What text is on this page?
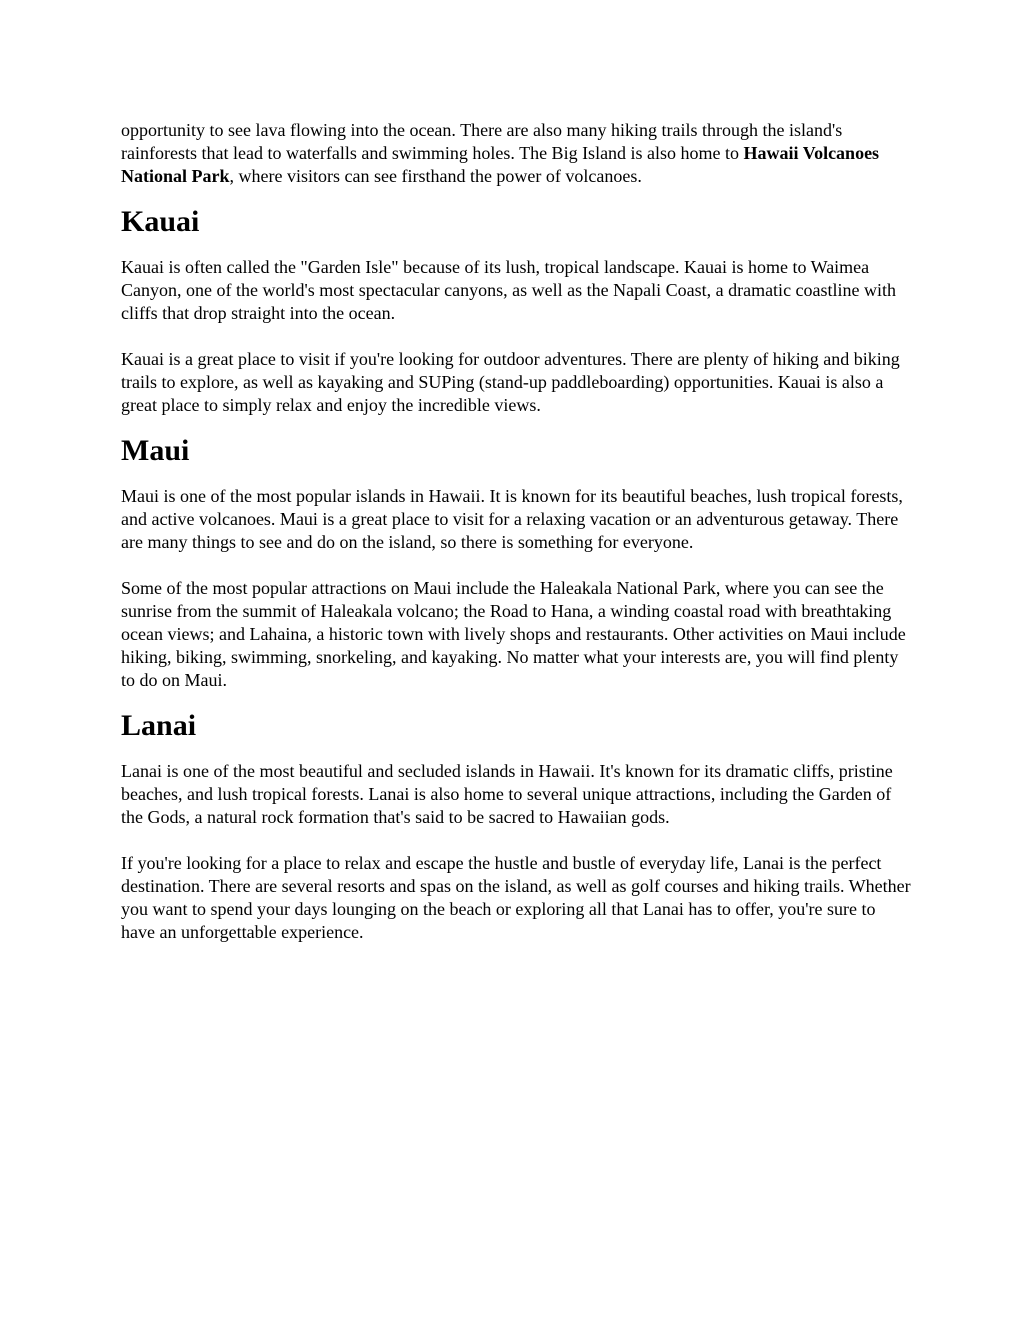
opportunity to see lava flowing into the ocean. There are also many hiking trails through the island's rainforests that lead to waterfalls and swimming holes. The Big Island is also home to Hawaii Volcanoes National Park, where visitors can see firsthand the power of volcanoes.

Kauai

Kauai is often called the "Garden Isle" because of its lush, tropical landscape. Kauai is home to Waimea Canyon, one of the world's most spectacular canyons, as well as the Napali Coast, a dramatic coastline with cliffs that drop straight into the ocean.

Kauai is a great place to visit if you're looking for outdoor adventures. There are plenty of hiking and biking trails to explore, as well as kayaking and SUPing (stand-up paddleboarding) opportunities. Kauai is also a great place to simply relax and enjoy the incredible views.

Maui

Maui is one of the most popular islands in Hawaii. It is known for its beautiful beaches, lush tropical forests, and active volcanoes. Maui is a great place to visit for a relaxing vacation or an adventurous getaway. There are many things to see and do on the island, so there is something for everyone.

Some of the most popular attractions on Maui include the Haleakala National Park, where you can see the sunrise from the summit of Haleakala volcano; the Road to Hana, a winding coastal road with breathtaking ocean views; and Lahaina, a historic town with lively shops and restaurants. Other activities on Maui include hiking, biking, swimming, snorkeling, and kayaking. No matter what your interests are, you will find plenty to do on Maui.

Lanai

Lanai is one of the most beautiful and secluded islands in Hawaii. It's known for its dramatic cliffs, pristine beaches, and lush tropical forests. Lanai is also home to several unique attractions, including the Garden of the Gods, a natural rock formation that's said to be sacred to Hawaiian gods.

If you're looking for a place to relax and escape the hustle and bustle of everyday life, Lanai is the perfect destination. There are several resorts and spas on the island, as well as golf courses and hiking trails. Whether you want to spend your days lounging on the beach or exploring all that Lanai has to offer, you're sure to have an unforgettable experience.
